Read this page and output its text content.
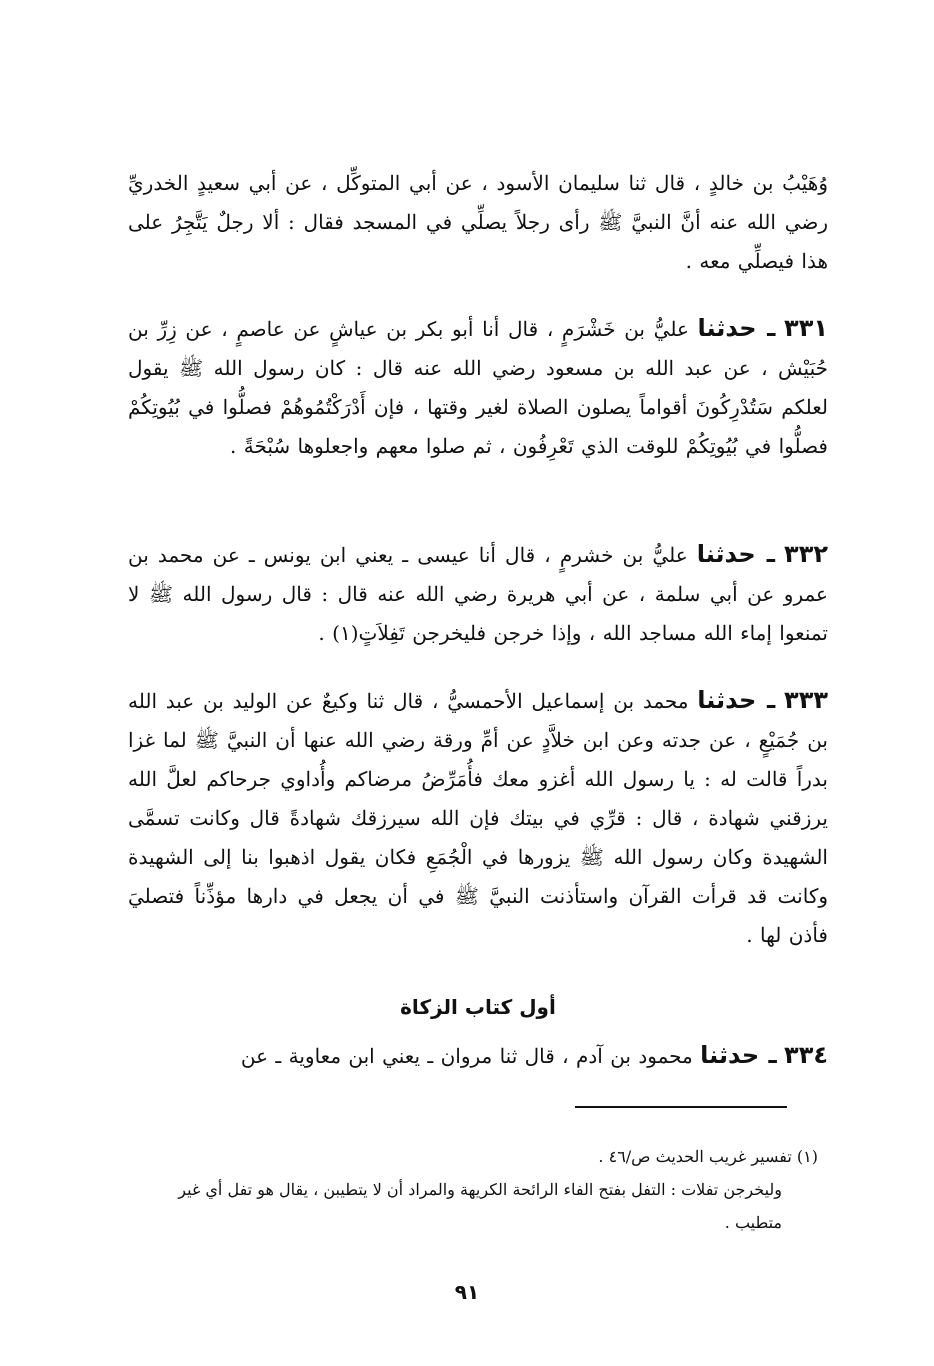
وُهَيْبُ بن خالدٍ ، قال ثنا سليمان الأسود ، عن أبي المتوكِّل ، عن أبي سعيدٍ الخدريِّ رضي الله عنه أنَّ النبيَّ ﷺ رأى رجلاً يصلِّي في المسجد فقال : ألا رجلٌ يَتَّجِرُ على هذا فيصلِّي معه .

٣٣١ ـ حدثنا عليُّ بن خَشْرَمٍ ، قال أنا أبو بكر بن عياشٍ عن عاصمٍ ، عن زِرِّ بن حُبَيْش ، عن عبد الله بن مسعود رضي الله عنه قال : كان رسول الله ﷺ يقول لعلكم سَتُدْرِكُونَ أقواماً يصلون الصلاة لغير وقتها ، فإن أَدْرَكْتُمُوهُمْ فصلُّوا في بُيُوتِكُمْ فصلُّوا في بُيُوتِكُمْ للوقت الذي تَعْرِفُون ، ثم صلوا معهم واجعلوها سُبْحَةً .

٣٣٢ ـ حدثنا عليُّ بن خشرمٍ ، قال أنا عيسى ـ يعني ابن يونس ـ عن محمد بن عمرو عن أبي سلمة ، عن أبي هريرة رضي الله عنه قال : قال رسول الله ﷺ لا تمنعوا إماء الله مساجد الله ، وإذا خرجن فليخرجن تَفِلاَتٍ(١) .

٣٣٣ ـ حدثنا محمد بن إسماعيل الأحمسيُّ ، قال ثنا وكيعٌ عن الوليد بن عبد الله بن جُمَيْعٍ ، عن جدته وعن ابن خلاَّدٍ عن أمِّ ورقة رضي الله عنها أن النبيَّ ﷺ لما غزا بدراً قالت له : يا رسول الله أغزو معك فأُمَرِّضُ مرضاكم وأُداوي جرحاكم لعلَّ الله يرزقني شهادة ، قال : قرِّي في بيتك فإن الله سيرزقك شهادةً قال وكانت تسمَّى الشهيدة وكان رسول الله ﷺ يزورها في الْجُمَعِ فكان يقول اذهبوا بنا إلى الشهيدة وكانت قد قرأت القرآن واستأذنت النبيَّ ﷺ في أن يجعل في دارها مؤذِّناً فتصليَ فأذن لها .

أول كتاب الزكاة

٣٣٤ ـ حدثنا محمود بن آدم ، قال ثنا مروان ـ يعني ابن معاوية ـ عن

(١) تفسير غريب الحديث ص/٤٦ .

وليخرجن تفلات : التفل بفتح الفاء الرائحة الكريهة والمراد أن لا يتطيبن ، يقال هو تفل أي غير متطيب .

٩١
